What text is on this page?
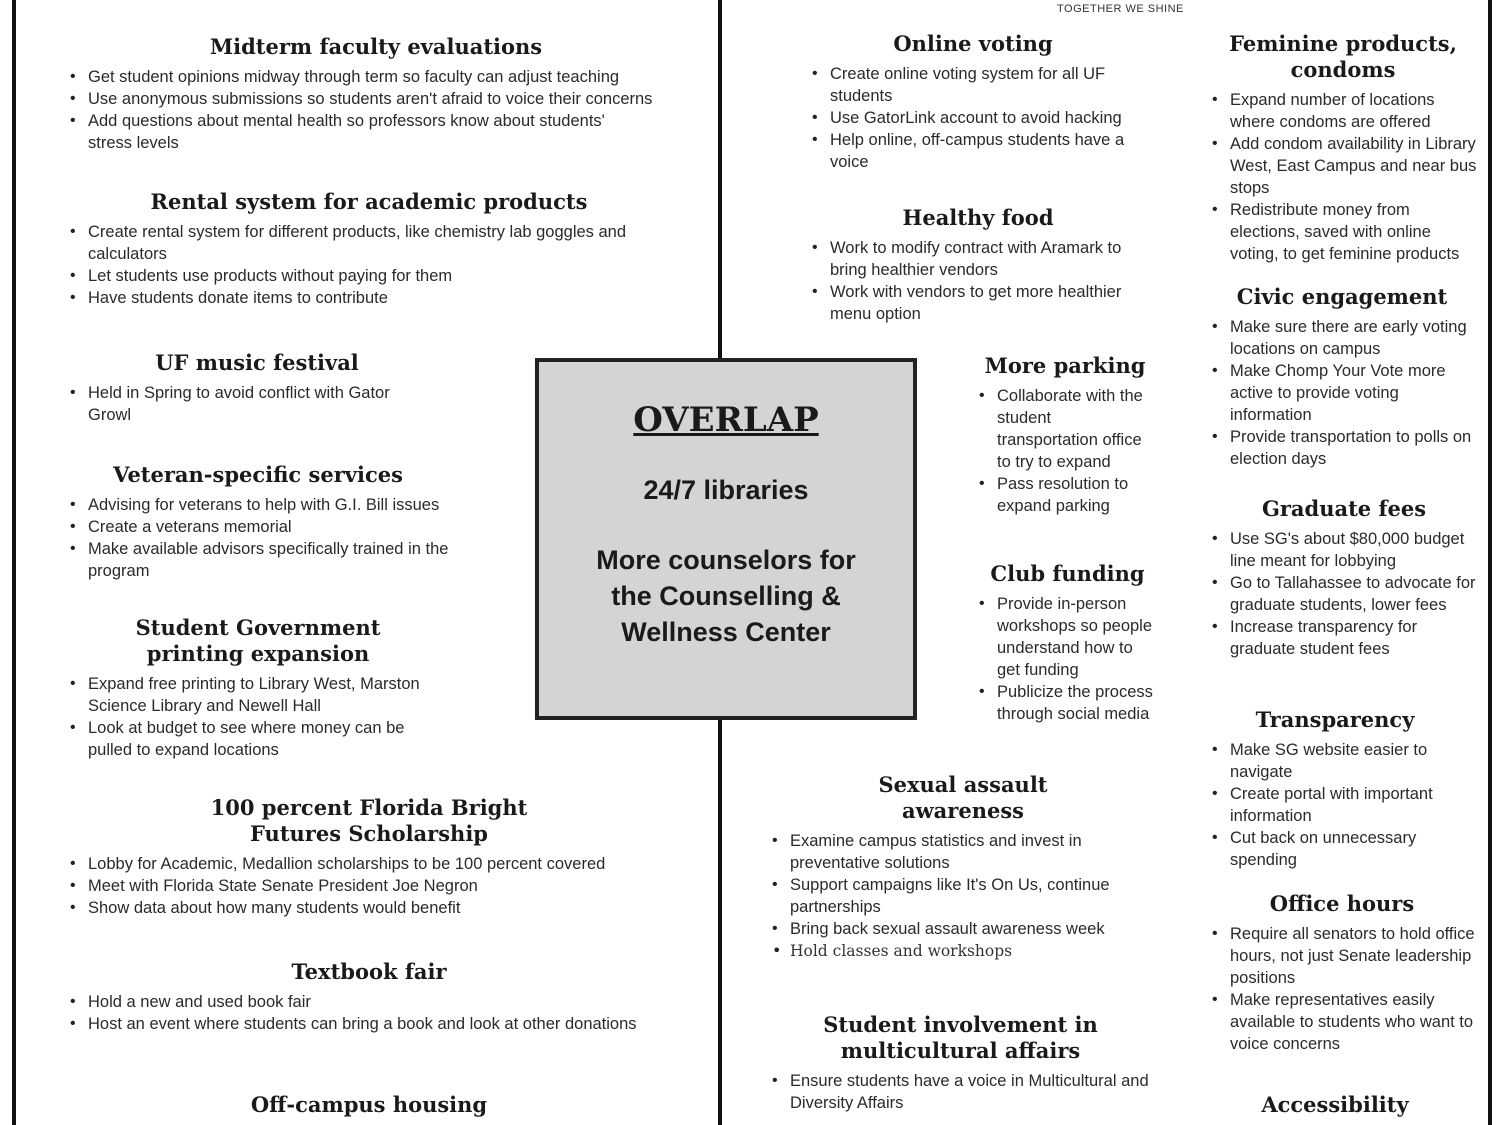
TOGETHER WE SHINE
Midterm faculty evaluations
• Get student opinions midway through term so faculty can adjust teaching
• Use anonymous submissions so students aren't afraid to voice their concerns
• Add questions about mental health so professors know about students' stress levels
Rental system for academic products
• Create rental system for different products, like chemistry lab goggles and calculators
• Let students use products without paying for them
• Have students donate items to contribute
UF music festival
• Held in Spring to avoid conflict with Gator Growl
Veteran-specific services
• Advising for veterans to help with G.I. Bill issues
• Create a veterans memorial
• Make available advisors specifically trained in the program
Student Government printing expansion
• Expand free printing to Library West, Marston Science Library and Newell Hall
• Look at budget to see where money can be pulled to expand locations
100 percent Florida Bright Futures Scholarship
• Lobby for Academic, Medallion scholarships to be 100 percent covered
• Meet with Florida State Senate President Joe Negron
• Show data about how many students would benefit
Textbook fair
• Hold a new and used book fair
• Host an event where students can bring a book and look at other donations
Off-campus housing
OVERLAP
24/7 libraries
More counselors for the Counselling & Wellness Center
Online voting
• Create online voting system for all UF students
• Use GatorLink account to avoid hacking
• Help online, off-campus students have a voice
Healthy food
• Work to modify contract with Aramark to bring healthier vendors
• Work with vendors to get more healthier menu option
More parking
• Collaborate with the student transportation office to try to expand
• Pass resolution to expand parking
Club funding
• Provide in-person workshops so people understand how to get funding
• Publicize the process through social media
Sexual assault awareness
• Examine campus statistics and invest in preventative solutions
• Support campaigns like It's On Us, continue partnerships
• Bring back sexual assault awareness week
• Hold classes and workshops
Student involvement in multicultural affairs
• Ensure students have a voice in Multicultural and Diversity Affairs
Feminine products, condoms
• Expand number of locations where condoms are offered
• Add condom availability in Library West, East Campus and near bus stops
• Redistribute money from elections, saved with online voting, to get feminine products
Civic engagement
• Make sure there are early voting locations on campus
• Make Chomp Your Vote more active to provide voting information
• Provide transportation to polls on election days
Graduate fees
• Use SG's about $80,000 budget line meant for lobbying
• Go to Tallahassee to advocate for graduate students, lower fees
• Increase transparency for graduate student fees
Transparency
• Make SG website easier to navigate
• Create portal with important information
• Cut back on unnecessary spending
Office hours
• Require all senators to hold office hours, not just Senate leadership positions
• Make representatives easily available to students who want to voice concerns
Accessibility
